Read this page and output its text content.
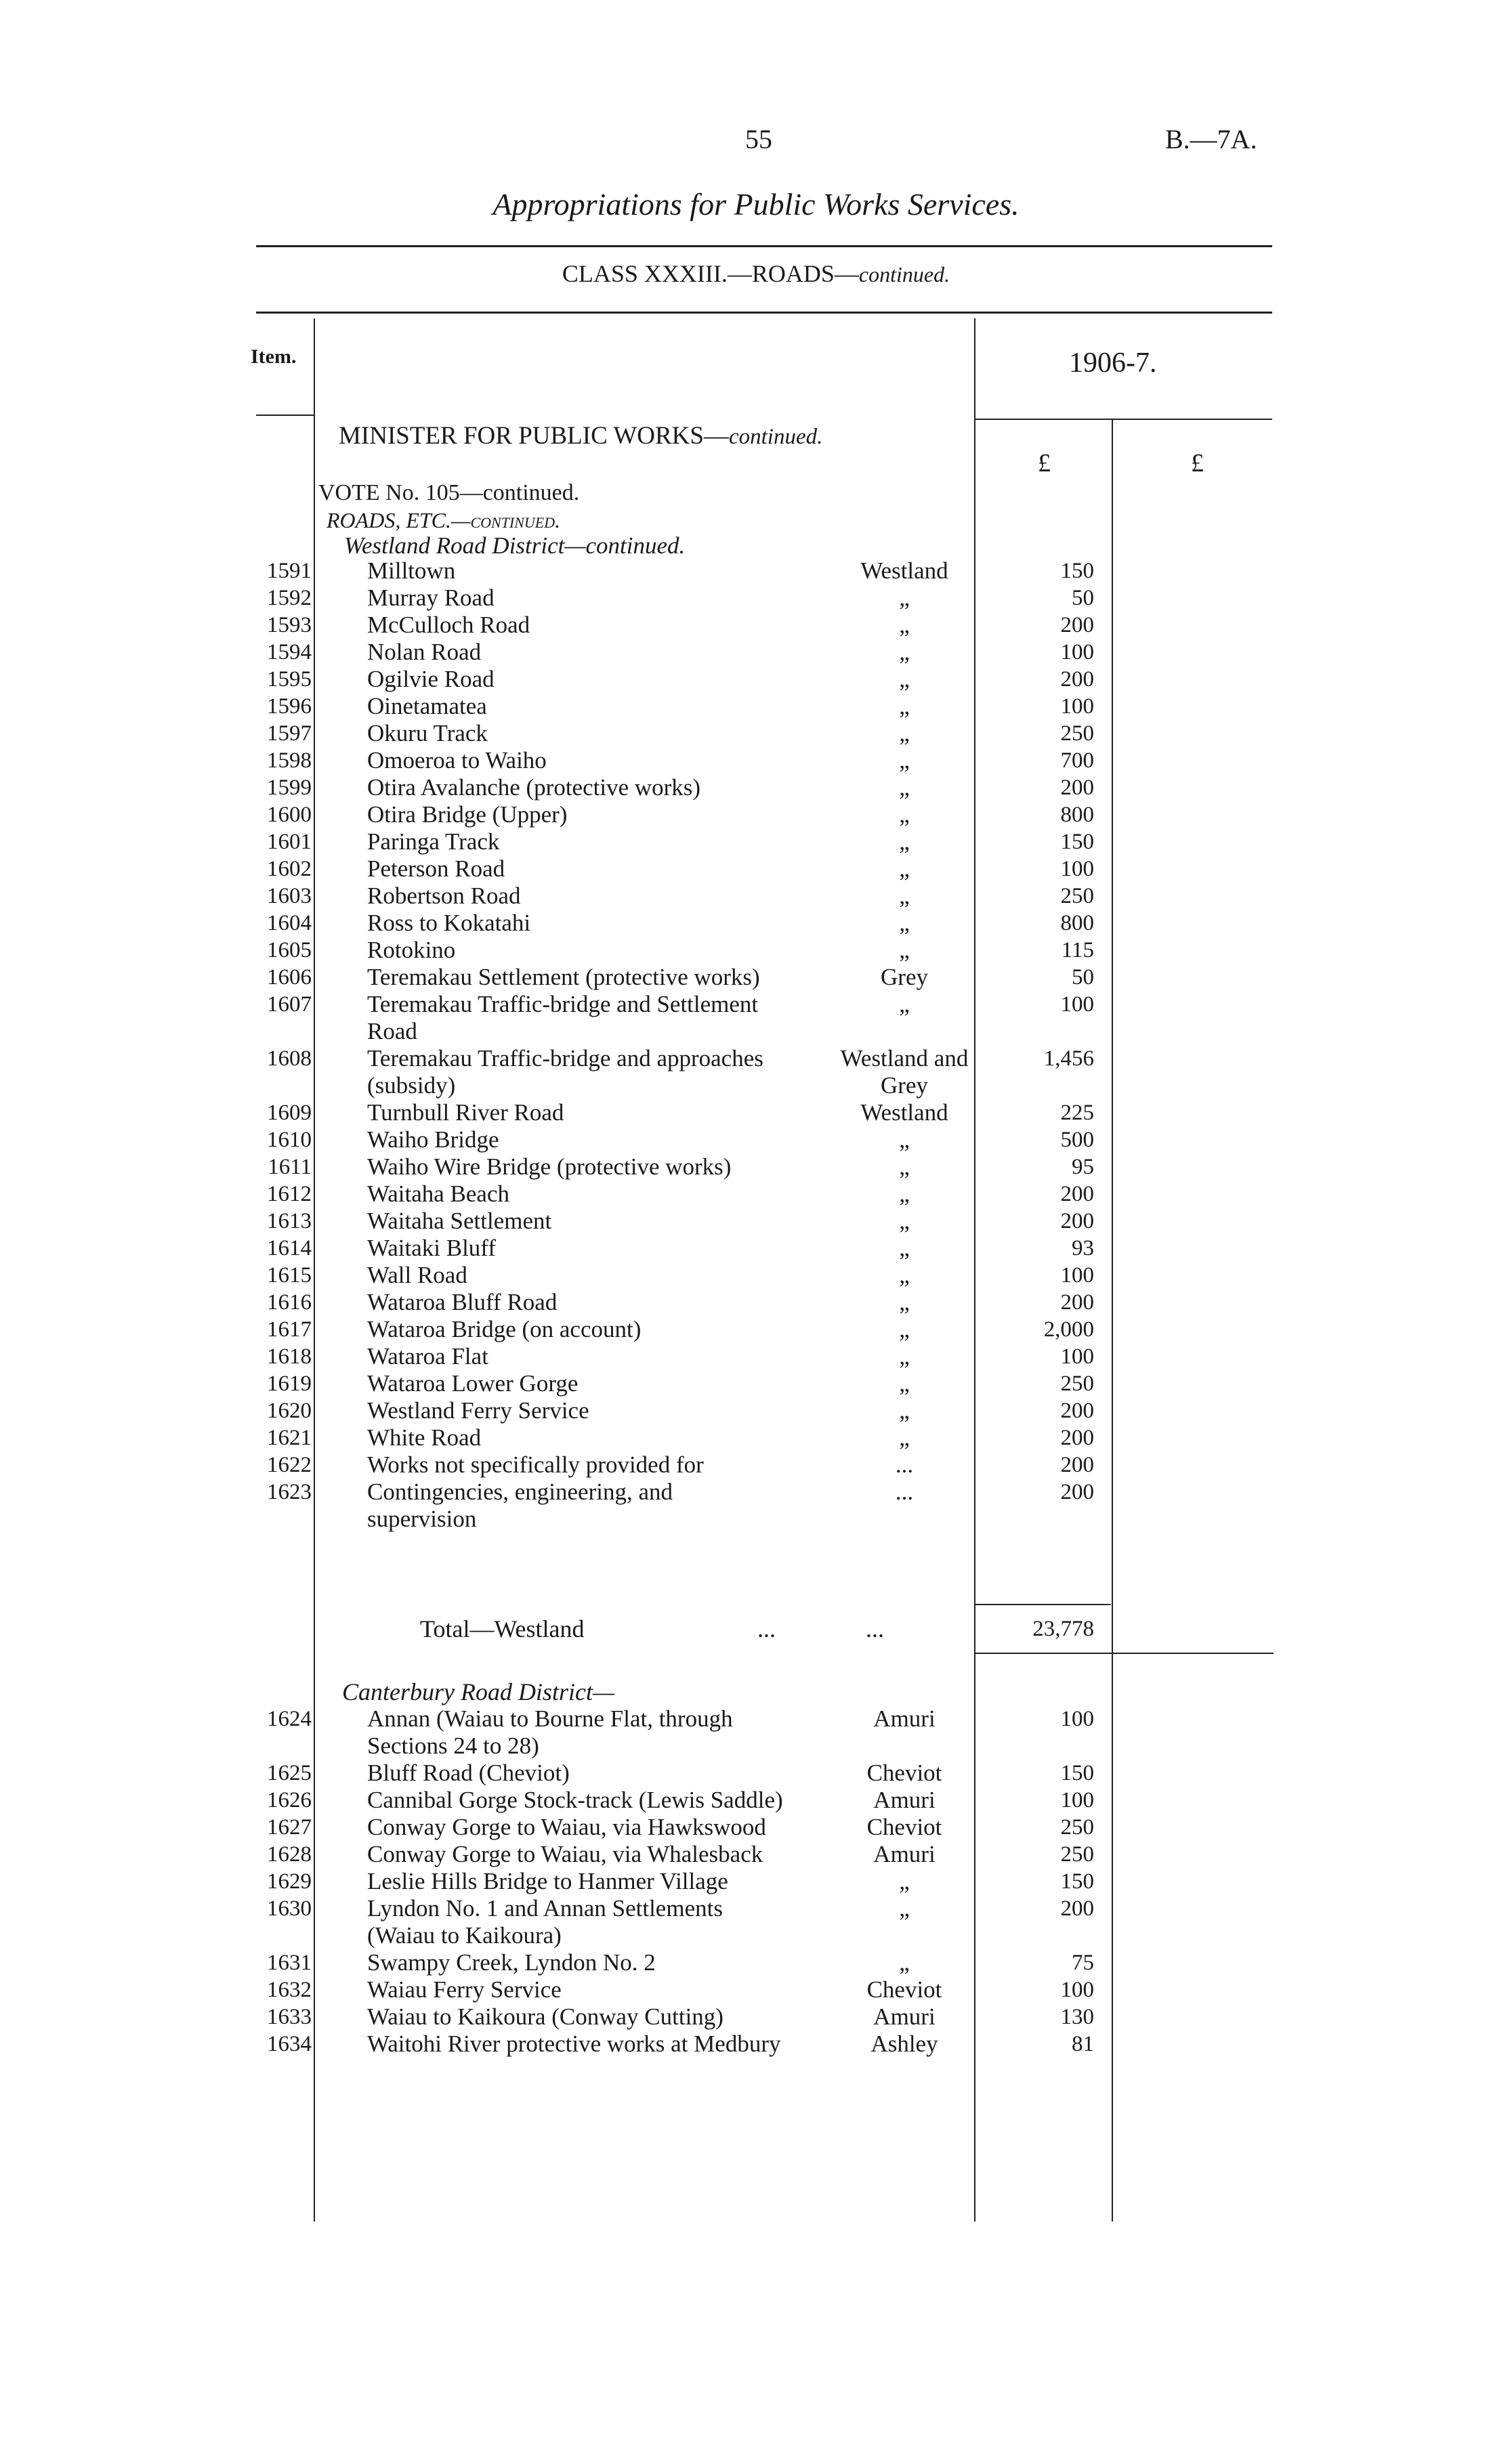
55	B.—7A.
Appropriations for Public Works Services.
CLASS XXXIII.—ROADS—continued.
Item.	1906-7.
MINISTER FOR PUBLIC WORKS—continued.
£	£
VOTE No. 105—continued.
ROADS, ETC.—continued.
Westland Road District—continued.
1591 Milltown	Westland	150
1592 Murray Road	„	50
1593 McCulloch Road	„	200
1594 Nolan Road	„	100
1595 Ogilvie Road	„	200
1596 Oinetamatea	„	100
1597 Okuru Track	„	250
1598 Omoeroa to Waiho	„	700
1599 Otira Avalanche (protective works)	„	200
1600 Otira Bridge (Upper)	„	800
1601 Paringa Track	„	150
1602 Peterson Road	„	100
1603 Robertson Road	„	250
1604 Ross to Kokatahi	„	800
1605 Rotokino	„	115
1606 Teremakau Settlement (protective works)	Grey	50
1607 Teremakau Traffic-bridge and Settlement Road
„	100
1608 Teremakau Traffic-bridge and approaches (subsidy)
Westland and Grey
1,456
1609 Turnbull River Road	Westland	225
1610 Waiho Bridge	„	500
1611 Waiho Wire Bridge (protective works)	„	95
1612 Waitaha Beach	„	200
1613 Waitaha Settlement	„	200
1614 Waitaki Bluff	„	93
1615 Wall Road	„	100
1616 Wataroa Bluff Road	„	200
1617 Wataroa Bridge (on account)	„	2,000
1618 Wataroa Flat	„	100
1619 Wataroa Lower Gorge	„	250
1620 Westland Ferry Service	„	200
1621 White Road	„	200
1622 Works not specifically provided for	...	200
1623 Contingencies, engineering, and supervision
...	200
Total—Westland	...	...	23,778
Canterbury Road District—
1624 Annan (Waiau to Bourne Flat, through Sections 24 to 28)
Amuri	100
1625 Bluff Road (Cheviot)	Cheviot	150
1626 Cannibal Gorge Stock-track (Lewis Saddle)	Amuri	100
1627 Conway Gorge to Waiau, via Hawkswood	Cheviot	250
1628 Conway Gorge to Waiau, via Whalesback	Amuri	250
1629 Leslie Hills Bridge to Hanmer Village	„	150
1630 Lyndon No. 1 and Annan Settlements (Waiau to Kaikoura)
„	200
1631 Swampy Creek, Lyndon No. 2	„	75
1632 Waiau Ferry Service	Cheviot	100
1633 Waiau to Kaikoura (Conway Cutting)	Amuri	130
1634 Waitohi River protective works at Medbury	Ashley	81
